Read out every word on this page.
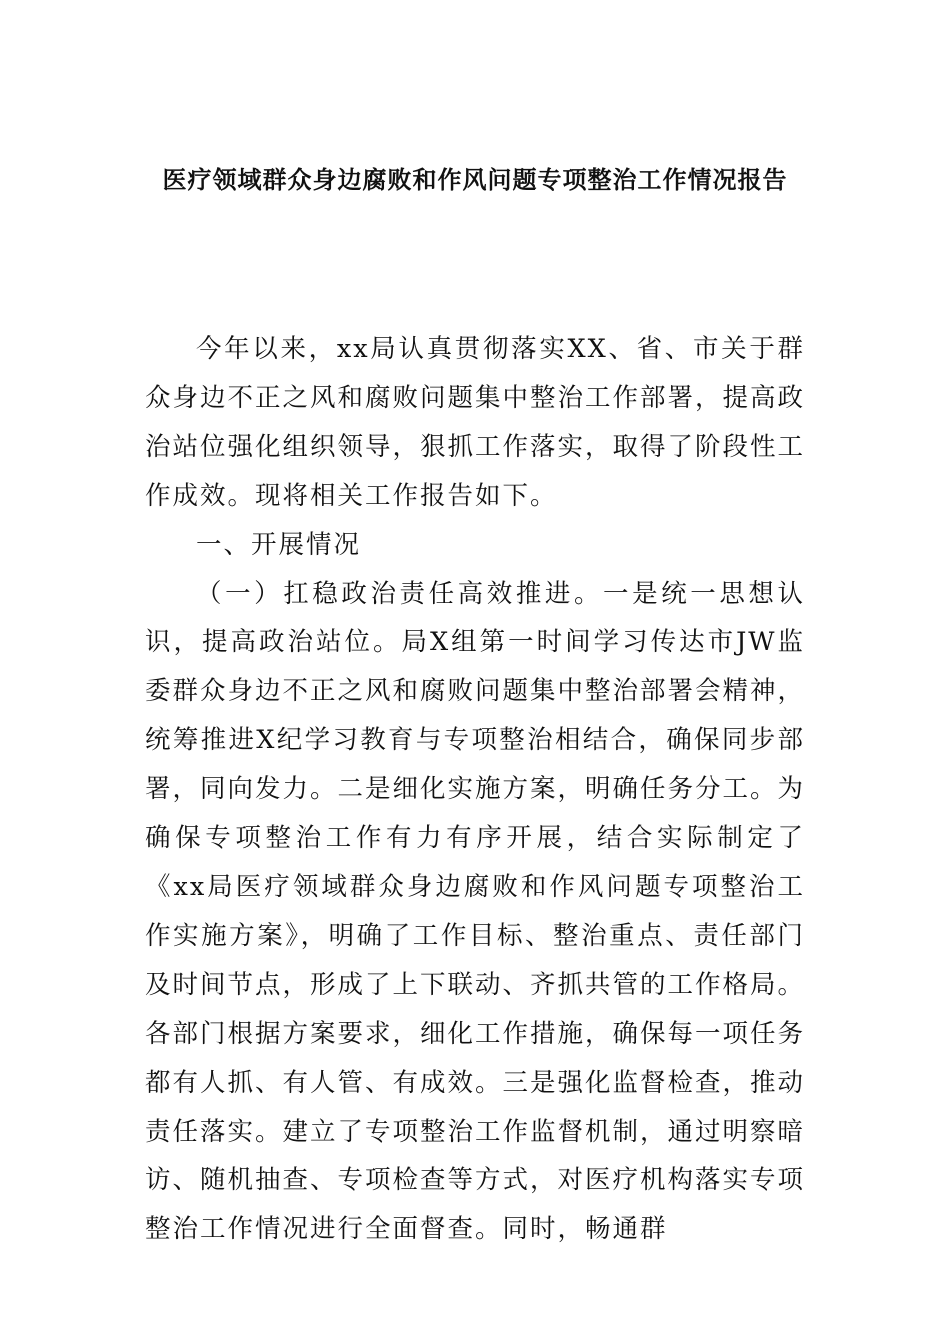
医疗领域群众身边腐败和作风问题专项整治工作情况报告

今年以来，xx局认真贯彻落实XX、省、市关于群众身边不正之风和腐败问题集中整治工作部署，提高政治站位强化组织领导，狠抓工作落实，取得了阶段性工作成效。现将相关工作报告如下。

一、开展情况

（一）扛稳政治责任高效推进。一是统一思想认识，提高政治站位。局X组第一时间学习传达市JW监委群众身边不正之风和腐败问题集中整治部署会精神，统筹推进X纪学习教育与专项整治相结合，确保同步部署，同向发力。二是细化实施方案，明确任务分工。为确保专项整治工作有力有序开展，结合实际制定了《xx局医疗领域群众身边腐败和作风问题专项整治工作实施方案》，明确了工作目标、整治重点、责任部门及时间节点，形成了上下联动、齐抓共管的工作格局。各部门根据方案要求，细化工作措施，确保每一项任务都有人抓、有人管、有成效。三是强化监督检查，推动责任落实。建立了专项整治工作监督机制，通过明察暗访、随机抽查、专项检查等方式，对医疗机构落实专项整治工作情况进行全面督查。同时，畅通群
